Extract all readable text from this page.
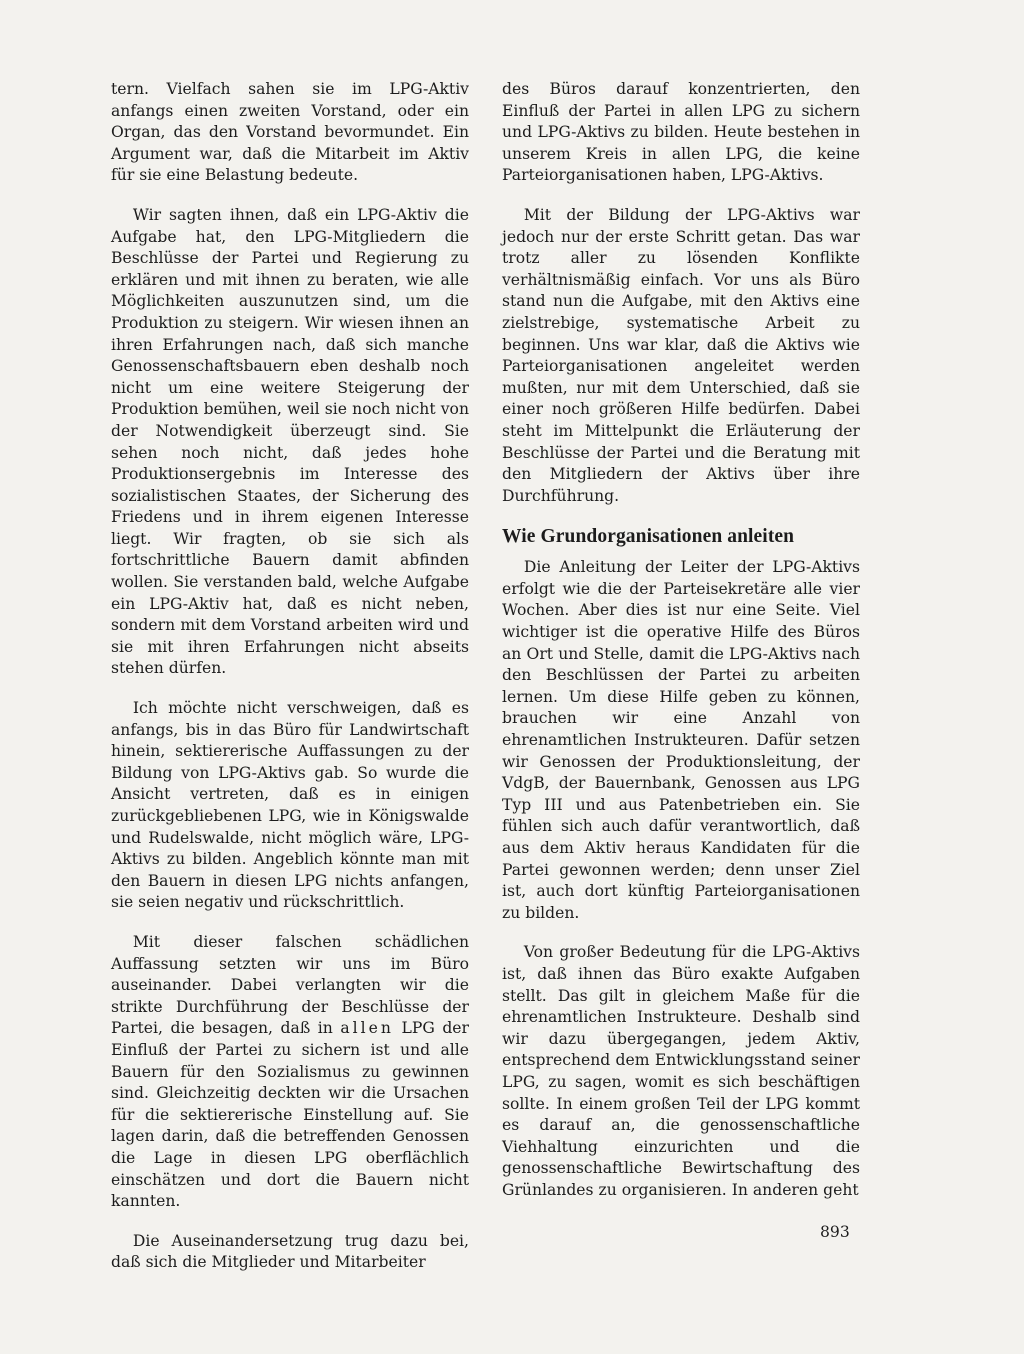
tern. Vielfach sahen sie im LPG-Aktiv anfangs einen zweiten Vorstand, oder ein Organ, das den Vorstand bevormundet. Ein Argument war, daß die Mitarbeit im Aktiv für sie eine Belastung bedeute.

Wir sagten ihnen, daß ein LPG-Aktiv die Aufgabe hat, den LPG-Mitgliedern die Beschlüsse der Partei und Regierung zu erklären und mit ihnen zu beraten, wie alle Möglichkeiten auszunutzen sind, um die Produktion zu steigern. Wir wiesen ihnen an ihren Erfahrungen nach, daß sich manche Genossenschaftsbauern eben deshalb noch nicht um eine weitere Steigerung der Produktion bemühen, weil sie noch nicht von der Notwendigkeit überzeugt sind. Sie sehen noch nicht, daß jedes hohe Produktionsergebnis im Interesse des sozialistischen Staates, der Sicherung des Friedens und in ihrem eigenen Interesse liegt. Wir fragten, ob sie sich als fortschrittliche Bauern damit abfinden wollen. Sie verstanden bald, welche Aufgabe ein LPG-Aktiv hat, daß es nicht neben, sondern mit dem Vorstand arbeiten wird und sie mit ihren Erfahrungen nicht abseits stehen dürfen.

Ich möchte nicht verschweigen, daß es anfangs, bis in das Büro für Landwirtschaft hinein, sektiererische Auffassungen zu der Bildung von LPG-Aktivs gab. So wurde die Ansicht vertreten, daß es in einigen zurückgebliebenen LPG, wie in Königswalde und Rudelswalde, nicht möglich wäre, LPG-Aktivs zu bilden. Angeblich könnte man mit den Bauern in diesen LPG nichts anfangen, sie seien negativ und rückschrittlich.

Mit dieser falschen schädlichen Auffassung setzten wir uns im Büro auseinander. Dabei verlangten wir die strikte Durchführung der Beschlüsse der Partei, die besagen, daß in allen LPG der Einfluß der Partei zu sichern ist und alle Bauern für den Sozialismus zu gewinnen sind. Gleichzeitig deckten wir die Ursachen für die sektiererische Einstellung auf. Sie lagen darin, daß die betreffenden Genossen die Lage in diesen LPG oberflächlich einschätzen und dort die Bauern nicht kannten.

Die Auseinandersetzung trug dazu bei, daß sich die Mitglieder und Mitarbeiter

des Büros darauf konzentrierten, den Einfluß der Partei in allen LPG zu sichern und LPG-Aktivs zu bilden. Heute bestehen in unserem Kreis in allen LPG, die keine Parteiorganisationen haben, LPG-Aktivs.

Mit der Bildung der LPG-Aktivs war jedoch nur der erste Schritt getan. Das war trotz aller zu lösenden Konflikte verhältnismäßig einfach. Vor uns als Büro stand nun die Aufgabe, mit den Aktivs eine zielstrebige, systematische Arbeit zu beginnen. Uns war klar, daß die Aktivs wie Parteiorganisationen angeleitet werden mußten, nur mit dem Unterschied, daß sie einer noch größeren Hilfe bedürfen. Dabei steht im Mittelpunkt die Erläuterung der Beschlüsse der Partei und die Beratung mit den Mitgliedern der Aktivs über ihre Durchführung.

Wie Grundorganisationen anleiten

Die Anleitung der Leiter der LPG-Aktivs erfolgt wie die der Parteisekretäre alle vier Wochen. Aber dies ist nur eine Seite. Viel wichtiger ist die operative Hilfe des Büros an Ort und Stelle, damit die LPG-Aktivs nach den Beschlüssen der Partei zu arbeiten lernen. Um diese Hilfe geben zu können, brauchen wir eine Anzahl von ehrenamtlichen Instrukteuren. Dafür setzen wir Genossen der Produktionsleitung, der VdgB, der Bauernbank, Genossen aus LPG Typ III und aus Patenbetrieben ein. Sie fühlen sich auch dafür verantwortlich, daß aus dem Aktiv heraus Kandidaten für die Partei gewonnen werden; denn unser Ziel ist, auch dort künftig Parteiorganisationen zu bilden.

Von großer Bedeutung für die LPG-Aktivs ist, daß ihnen das Büro exakte Aufgaben stellt. Das gilt in gleichem Maße für die ehrenamtlichen Instrukteure. Deshalb sind wir dazu übergegangen, jedem Aktiv, entsprechend dem Entwicklungsstand seiner LPG, zu sagen, womit es sich beschäftigen sollte. In einem großen Teil der LPG kommt es darauf an, die genossenschaftliche Viehhaltung einzurichten und die genossenschaftliche Bewirtschaftung des Grünlandes zu organisieren. In anderen geht

893
